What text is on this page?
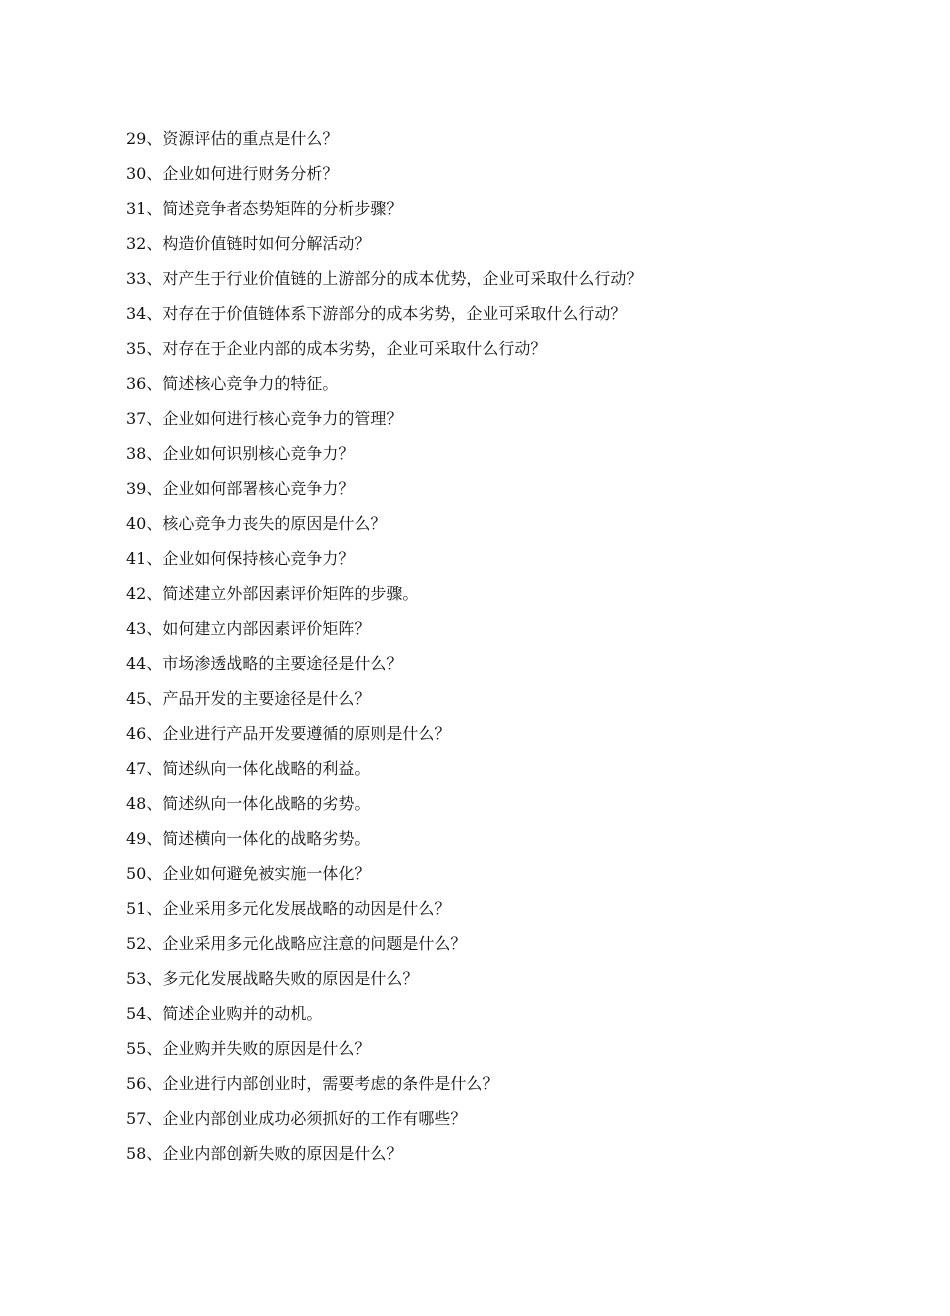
29、资源评估的重点是什么？
30、企业如何进行财务分析？
31、简述竞争者态势矩阵的分析步骤？
32、构造价值链时如何分解活动？
33、对产生于行业价值链的上游部分的成本优势，企业可采取什么行动？
34、对存在于价值链体系下游部分的成本劣势，企业可采取什么行动？
35、对存在于企业内部的成本劣势，企业可采取什么行动？
36、简述核心竞争力的特征。
37、企业如何进行核心竞争力的管理？
38、企业如何识别核心竞争力？
39、企业如何部署核心竞争力？
40、核心竞争力丧失的原因是什么？
41、企业如何保持核心竞争力？
42、简述建立外部因素评价矩阵的步骤。
43、如何建立内部因素评价矩阵？
44、市场渗透战略的主要途径是什么？
45、产品开发的主要途径是什么？
46、企业进行产品开发要遵循的原则是什么？
47、简述纵向一体化战略的利益。
48、简述纵向一体化战略的劣势。
49、简述横向一体化的战略劣势。
50、企业如何避免被实施一体化？
51、企业采用多元化发展战略的动因是什么？
52、企业采用多元化战略应注意的问题是什么？
53、多元化发展战略失败的原因是什么？
54、简述企业购并的动机。
55、企业购并失败的原因是什么？
56、企业进行内部创业时，需要考虑的条件是什么？
57、企业内部创业成功必须抓好的工作有哪些？
58、企业内部创新失败的原因是什么？
